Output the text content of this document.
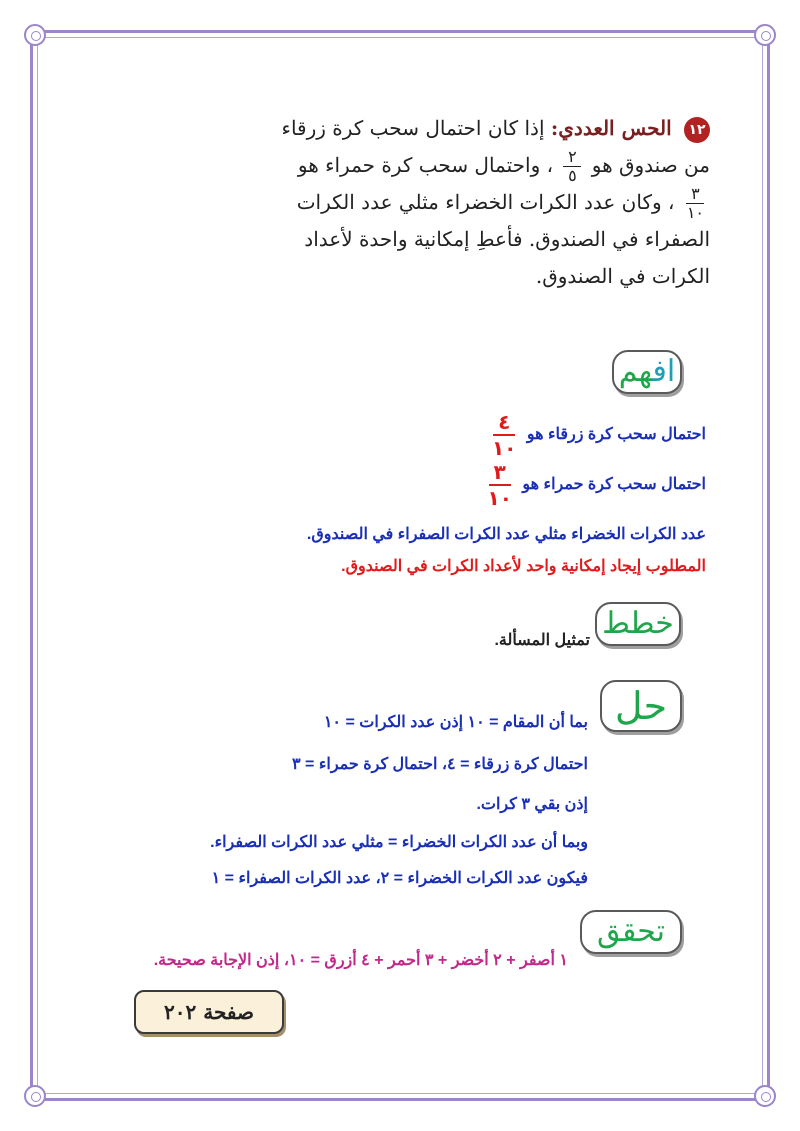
١٢ الحس العددي: إذا كان احتمال سحب كرة زرقاء من صندوق هو
$\frac{٢}{٥}$
، واحتمال سحب كرة حمراء هو
$\frac{٣}{١٠}$
، وكان عدد الكرات الخضراء مثلي عدد الكرات الصفراء في الصندوق. فأعطِ إمكانية واحدة لأعداد الكرات في الصندوق.
افهم
احتمال سحب كرة زرقاء هو
$\frac{٤}{١٠}$
احتمال سحب كرة حمراء هو
$\frac{٣}{١٠}$
عدد الكرات الخضراء مثلي عدد الكرات الصفراء في الصندوق.
المطلوب إيجاد إمكانية واحد لأعداد الكرات في الصندوق.
خطط
تمثيل المسألة.
حل
بما أن المقام = ١٠ إذن عدد الكرات = ١٠
احتمال كرة زرقاء = ٤، احتمال كرة حمراء = ٣
إذن بقي ٣ كرات.
وبما أن عدد الكرات الخضراء = مثلي عدد الكرات الصفراء.
فيكون عدد الكرات الخضراء = ٢، عدد الكرات الصفراء = ١
تحقق
١ أصفر + ٢ أخضر + ٣ أحمر + ٤ أزرق = ١٠، إذن الإجابة صحيحة.
صفحة ٢٠٢
